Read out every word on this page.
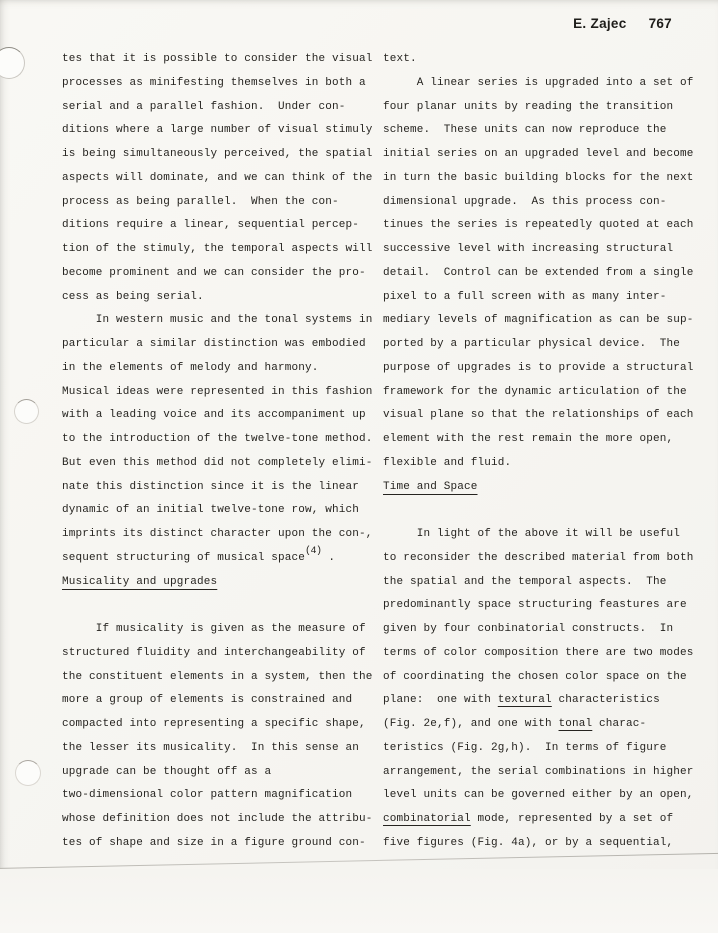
E. Zajec 767
tes that it is possible to consider the visual
processes as minifesting themselves in both a
serial and a parallel fashion.  Under con-
ditions where a large number of visual stimuly
is being simultaneously perceived, the spatial
aspects will dominate, and we can think of the
process as being parallel.  When the con-
ditions require a linear, sequential percep-
tion of the stimuly, the temporal aspects will
become prominent and we can consider the pro-
cess as being serial.
In western music and the tonal systems in
particular a similar distinction was embodied
in the elements of melody and harmony.
Musical ideas were represented in this fashion
with a leading voice and its accompaniment up
to the introduction of the twelve-tone method.
But even this method did not completely elimi-
nate this distinction since it is the linear
dynamic of an initial twelve-tone row, which
imprints its distinct character upon the con-,
sequent structuring of musical space(4) .
Musicality and upgrades
If musicality is given as the measure of
structured fluidity and interchangeability of
the constituent elements in a system, then the
more a group of elements is constrained and
compacted into representing a specific shape,
the lesser its musicality.  In this sense an
upgrade can be thought off as a
two-dimensional color pattern magnification
whose definition does not include the attribu-
tes of shape and size in a figure ground con-
text.
A linear series is upgraded into a set of
four planar units by reading the transition
scheme.  These units can now reproduce the
initial series on an upgraded level and become
in turn the basic building blocks for the next
dimensional upgrade.  As this process con-
tinues the series is repeatedly quoted at each
successive level with increasing structural
detail.  Control can be extended from a single
pixel to a full screen with as many inter-
mediary levels of magnification as can be sup-
ported by a particular physical device.  The
purpose of upgrades is to provide a structural
framework for the dynamic articulation of the
visual plane so that the relationships of each
element with the rest remain the more open,
flexible and fluid.
Time and Space
In light of the above it will be useful
to reconsider the described material from both
the spatial and the temporal aspects.  The
predominantly space structuring feastures are
given by four conbinatorial constructs.  In
terms of color composition there are two modes
of coordinating the chosen color space on the
plane:  one with textural characteristics
(Fig. 2e,f), and one with tonal charac-
teristics (Fig. 2g,h).  In terms of figure
arrangement, the serial combinations in higher
level units can be governed either by an open,
combinatorial mode, represented by a set of
five figures (Fig. 4a), or by a sequential,
